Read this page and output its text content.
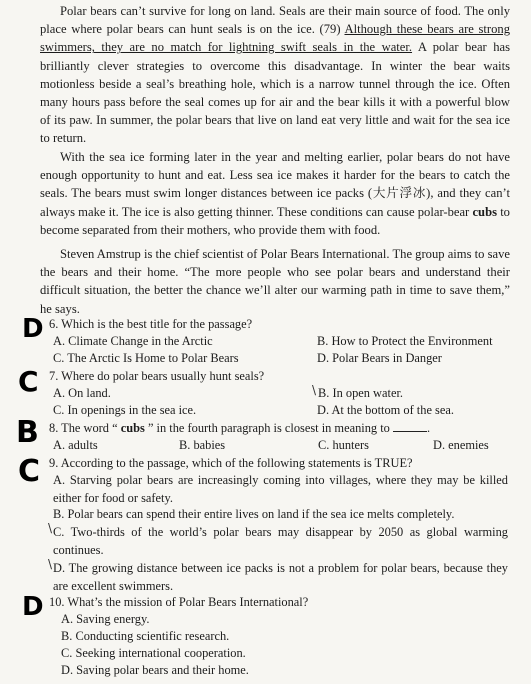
Polar bears can’t survive for long on land. Seals are their main source of food. The only place where polar bears can hunt seals is on the ice. (79) Although these bears are strong swimmers, they are no match for lightning swift seals in the water. A polar bear has brilliantly clever strategies to overcome this disadvantage. In winter the bear waits motionless beside a seal’s breathing hole, which is a narrow tunnel through the ice. Often many hours pass before the seal comes up for air and the bear kills it with a powerful blow of its paw. In summer, the polar bears that live on land eat very little and wait for the sea ice to return.

With the sea ice forming later in the year and melting earlier, polar bears do not have enough opportunity to hunt and eat. Less sea ice makes it harder for the bears to catch the seals. The bears must swim longer distances between ice packs (大片浮冰), and they can’t always make it. The ice is also getting thinner. These conditions can cause polar-bear cubs to become separated from their mothers, who provide them with food.

Steven Amstrup is the chief scientist of Polar Bears International. The group aims to save the bears and their home. “The more people who see polar bears and understand their difficult situation, the better the chance we’ll alter our warming path in time to save them,” he says.

D
C
B
C
D
6. Which is the best title for the passage?
A. Climate Change in the Arctic	B. How to Protect the Environment
C. The Arctic Is Home to Polar Bears	D. Polar Bears in Danger
7. Where do polar bears usually hunt seals?
A. On land.	\ B. In open water.
C. In openings in the sea ice.	D. At the bottom of the sea.
8. The word “ cubs ” in the fourth paragraph is closest in meaning to	.
A. adults	B. babies	C. hunters	D. enemies
9. According to the passage, which of the following statements is TRUE?
A. Starving polar bears are increasingly coming into villages, where they may be killed either for food or safety.
B. Polar bears can spend their entire lives on land if the sea ice melts completely.
\ C. Two-thirds of the world’s polar bears may disappear by 2050 as global warming continues.
\ D. The growing distance between ice packs is not a problem for polar bears, because they are excellent swimmers.
10. What’s the mission of Polar Bears International?
A. Saving energy.
B. Conducting scientific research.
C. Seeking international cooperation.
D. Saving polar bears and their home.
